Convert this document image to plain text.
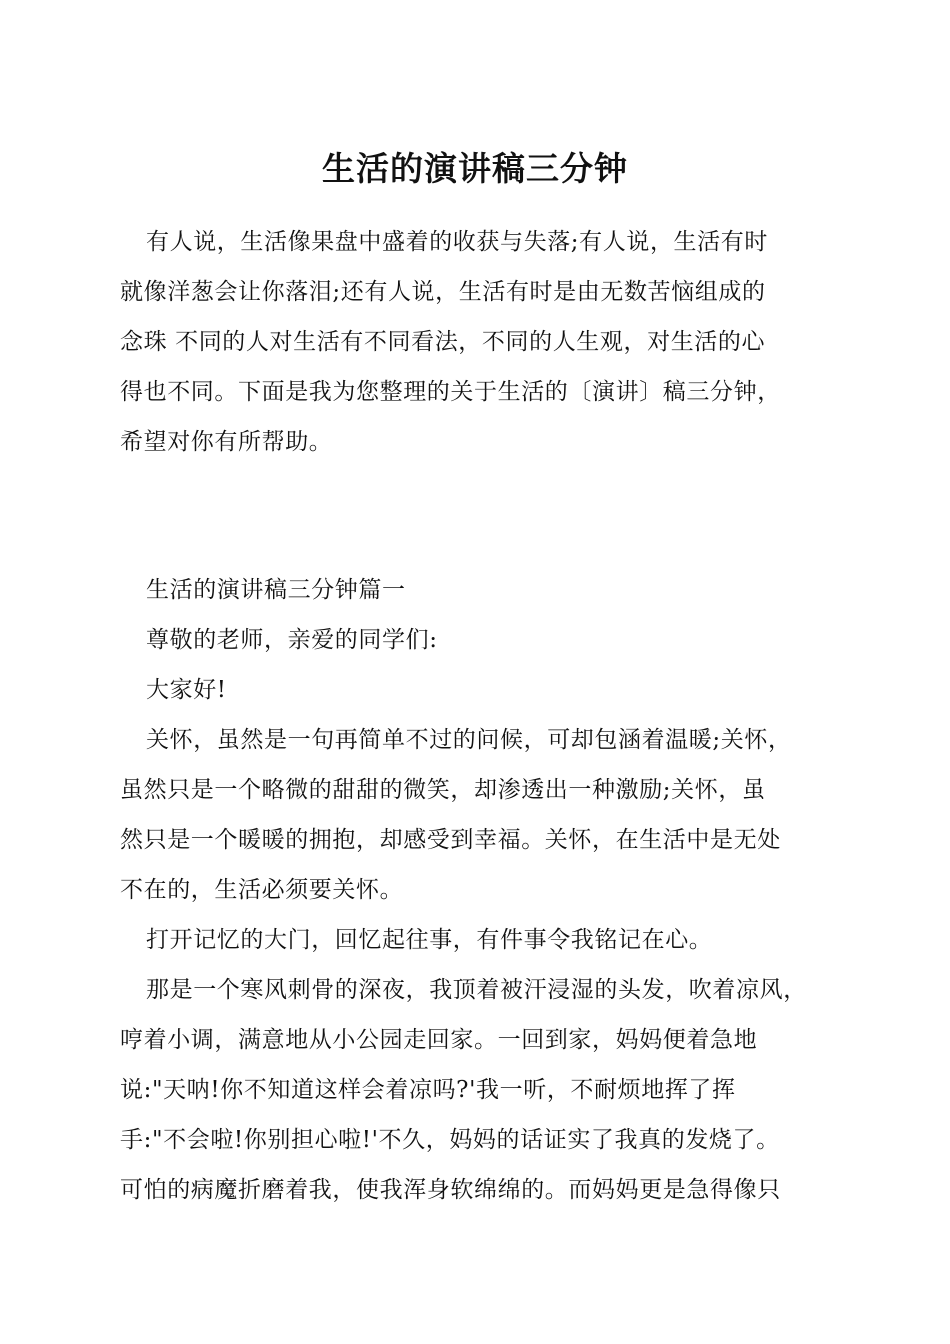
生活的演讲稿三分钟
有人说，生活像果盘中盛着的收获与失落;有人说，生活有时
就像洋葱会让你落泪;还有人说，生活有时是由无数苦恼组成的
念珠 不同的人对生活有不同看法，不同的人生观，对生活的心
得也不同。下面是我为您整理的关于生活的〔演讲〕稿三分钟，
希望对你有所帮助。
生活的演讲稿三分钟篇一
尊敬的老师，亲爱的同学们:
大家好!
关怀，虽然是一句再简单不过的问候，可却包涵着温暖;关怀，
虽然只是一个略微的甜甜的微笑，却渗透出一种激励;关怀，虽
然只是一个暖暖的拥抱，却感受到幸福。关怀，在生活中是无处
不在的，生活必须要关怀。
打开记忆的大门，回忆起往事，有件事令我铭记在心。
那是一个寒风刺骨的深夜，我顶着被汗浸湿的头发，吹着凉风，
哼着小调，满意地从小公园走回家。一回到家，妈妈便着急地
说:"天呐!你不知道这样会着凉吗?'我一听，不耐烦地挥了挥
手:"不会啦!你别担心啦!'不久，妈妈的话证实了我真的发烧了。
可怕的病魔折磨着我，使我浑身软绵绵的。而妈妈更是急得像只
